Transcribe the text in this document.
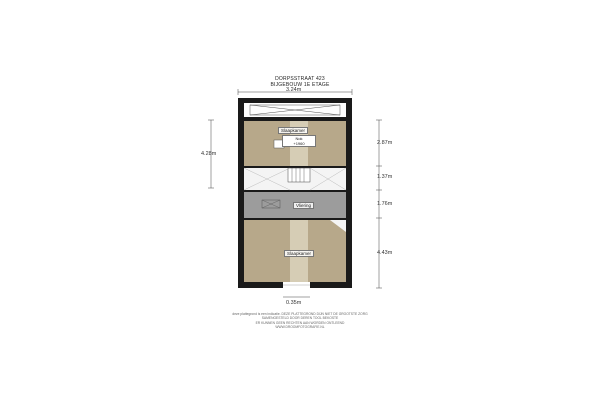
DORPSSTRAAT 423
BIJGEBOUW 1E ETAGE
3.24m
0.35m
4.28m
2.87m
1.37m
1.76m
4.43m
Slaapkamer
Nok
+1960
Vliering
Slaapkamer
deze plattegrond is een indicatie. DEZE PLATTEGROND DIJN NIET DE GROOTSTE ZORG
SAMENGESTELD DOOR DEREN TOOL BEKOSTE
ER KUNNEN GEEN RECHTEN AAN WORDEN ONTLEEND
WWW.DROOMFOTOGRAFIE.NL
